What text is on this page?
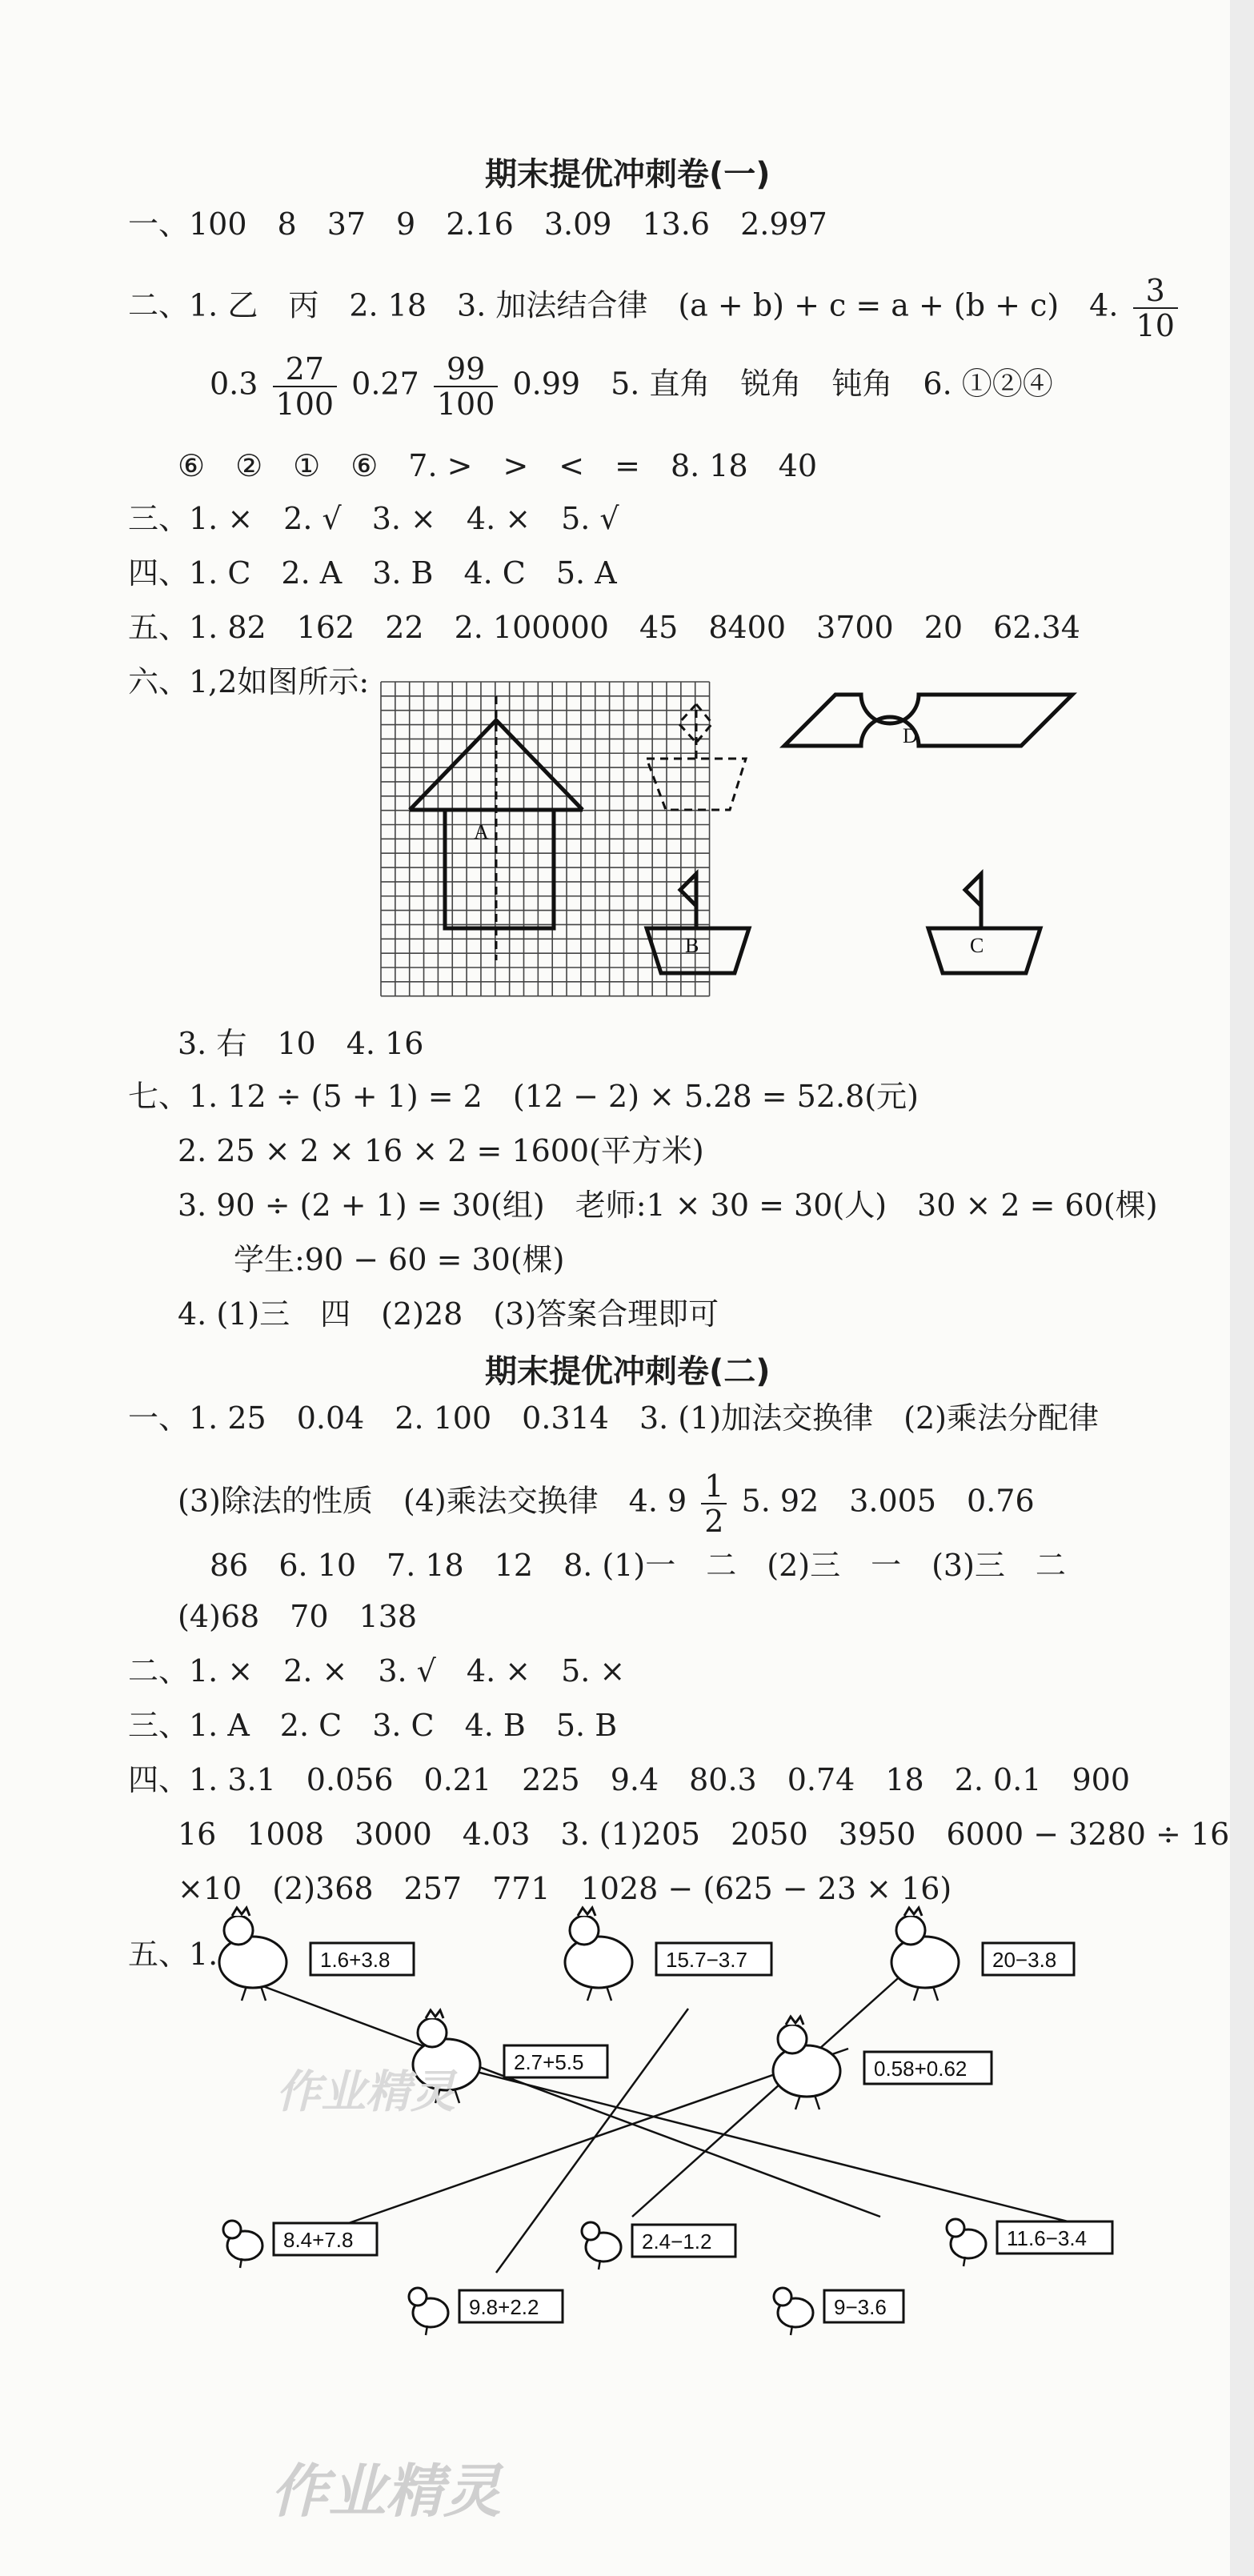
期末提优冲刺卷(一)
一、100　8　37　9　2.16　3.09　13.6　2.997
二、1. 乙　丙　2. 18　3. 加法结合律　(a + b) + c = a + (b + c)　4. $\frac{3}{10}$
$0.3 \frac{27}{100} 0.27 \frac{99}{100} 0.99$　5. 直角　锐角　钝角　6. ①②④
⑥　②　①　⑥　7. >　>　<　=　8. 18　40
三、1. ×　2. √　3. ×　4. ×　5. √
四、1. C　2. A　3. B　4. C　5. A
五、1. 82　162　22　2. 100000　45　8400　3700　20　62.34
六、1,2如图所示:
A
B	C
D
3. 右　10　4. 16
七、1. 12 ÷ (5 + 1) = 2　(12 − 2) × 5.28 = 52.8(元)
2. 25 × 2 × 16 × 2 = 1600(平方米)
3. 90 ÷ (2 + 1) = 30(组)　老师:1 × 30 = 30(人)　30 × 2 = 60(棵)
学生:90 − 60 = 30(棵)
4. (1)三　四　(2)28　(3)答案合理即可
期末提优冲刺卷(二)
一、1. 25　0.04　2. 100　0.314　3. (1)加法交换律　(2)乘法分配律
(3)除法的性质　(4)乘法交换律　4. $9 \frac{1}{2} 5$. 92　3.005　0.76
86　6. 10　7. 18　12　8. (1)一　二　(2)三　一　(3)三　二
(4)68　70　138
二、1. ×　2. ×　3. √　4. ×　5. ×
三、1. A　2. C　3. C　4. B　5. B
四、1. 3.1　0.056　0.21　225　9.4　80.3　0.74　18　2. 0.1　900
16　1008　3000　4.03　3. (1)205　2050　3950　6000 − 3280 ÷ 16
×10　(2)368　257　771　1028 − (625 − 23 × 16)
五、1.	1.6+3.8	15.7−3.7	20−3.8
2.7+5.5	0.58+0.62
8.4+7.8
9.8+2.2
2.4−1.2
9−3.6
11.6−3.4
作业精灵
作业精灵
